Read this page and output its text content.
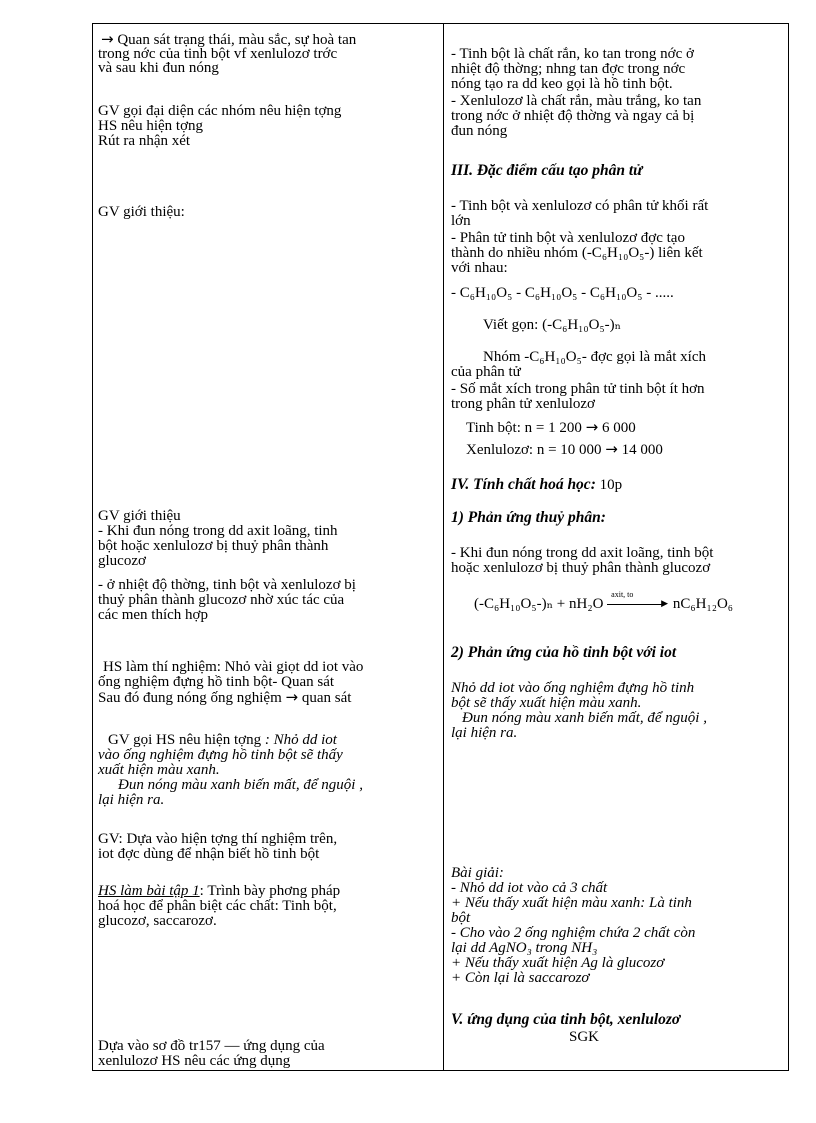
→ Quan sát trạng thái, màu sắc, sự hoà tan
trong nớc của tinh bột vf xenlulozơ trớc
và sau khi đun nóng
GV gọi đại diện các nhóm nêu hiện tợng
HS nêu hiện tợng
Rút ra nhận xét
GV giới thiệu:
GV giới thiệu
- Khi đun nóng trong dd axit loãng, tinh
bột hoặc xenlulozơ bị thuỷ phân thành
glucozơ
- ở nhiệt độ thờng, tinh bột và xenlulozơ bị
thuỷ phân thành glucozơ nhờ xúc tác của
các men thích hợp
HS làm thí nghiệm: Nhỏ vài giọt dd iot vào
ống nghiệm đựng hồ tinh bột- Quan sát
Sau đó đung nóng ống nghiệm → quan sát
GV gọi HS nêu hiện tợng : Nhỏ dd iot
vào ống nghiệm đựng hồ tinh bột sẽ thấy
xuất hiện màu xanh.
Đun nóng màu xanh biến mất, để nguội ,
lại hiện ra.
GV: Dựa vào hiện tợng thí nghiệm trên,
iot đợc dùng để nhận biết hồ tinh bột
HS làm bài tập 1: Trình bày phơng pháp
hoá học để phân biệt các chất: Tinh bột,
glucozơ, saccarozơ.
Dựa vào sơ đồ tr157 — ứng dụng của
xenlulozơ HS nêu các ứng dụng
- Tinh bột là chất rắn, ko tan trong nớc ở
nhiệt độ thờng; nhng tan đợc trong nớc
nóng tạo ra dd keo gọi là hồ tinh bột.
- Xenlulozơ là chất rắn, màu trắng, ko tan
trong nớc ở nhiệt độ thờng và ngay cả bị
đun nóng
III. Đặc điểm cấu tạo phân tử
- Tinh bột và xenlulozơ có phân tử khối rất
lớn
- Phân tử tinh bột và xenlulozơ đợc tạo
thành do nhiều nhóm (-C₆H₁₀O₅-) liên kết
với nhau:
- C₆H₁₀O₅ - C₆H₁₀O₅ - C₆H₁₀O₅ - .....
Viết gọn: (-C₆H₁₀O₅-)ₙ
Nhóm -C₆H₁₀O₅- đợc gọi là mắt xích
của phân tử
- Số mắt xích trong phân tử tinh bột ít hơn
trong phân tử xenlulozơ
Tinh bột: n = 1 200 → 6 000
Xenlulozơ: n = 10 000 → 14 000
IV. Tính chất hoá học: 10p
1) Phản ứng thuỷ phân:
- Khi đun nóng trong dd axit loãng, tinh bột
hoặc xenlulozơ bị thuỷ phân thành glucozơ
(-C₆H₁₀O₅-)ₙ + nH₂O
axit, to
▶ nC₆H₁₂O₆
2) Phản ứng của hồ tinh bột với iot
Nhỏ dd iot vào ống nghiệm đựng hồ tinh
bột sẽ thấy xuất hiện màu xanh.
Đun nóng màu xanh biến mất, để nguội ,
lại hiện ra.
Bài giải:
- Nhỏ dd iot vào cả 3 chất
+ Nếu thấy xuất hiện màu xanh: Là tinh
bột
- Cho vào 2 ống nghiệm chứa 2 chất còn
lại dd AgNO₃ trong NH₃
+ Nếu thấy xuất hiện Ag là glucozơ
+ Còn lại là saccarozơ
V. ứng dụng của tinh bột, xenlulozơ
SGK
